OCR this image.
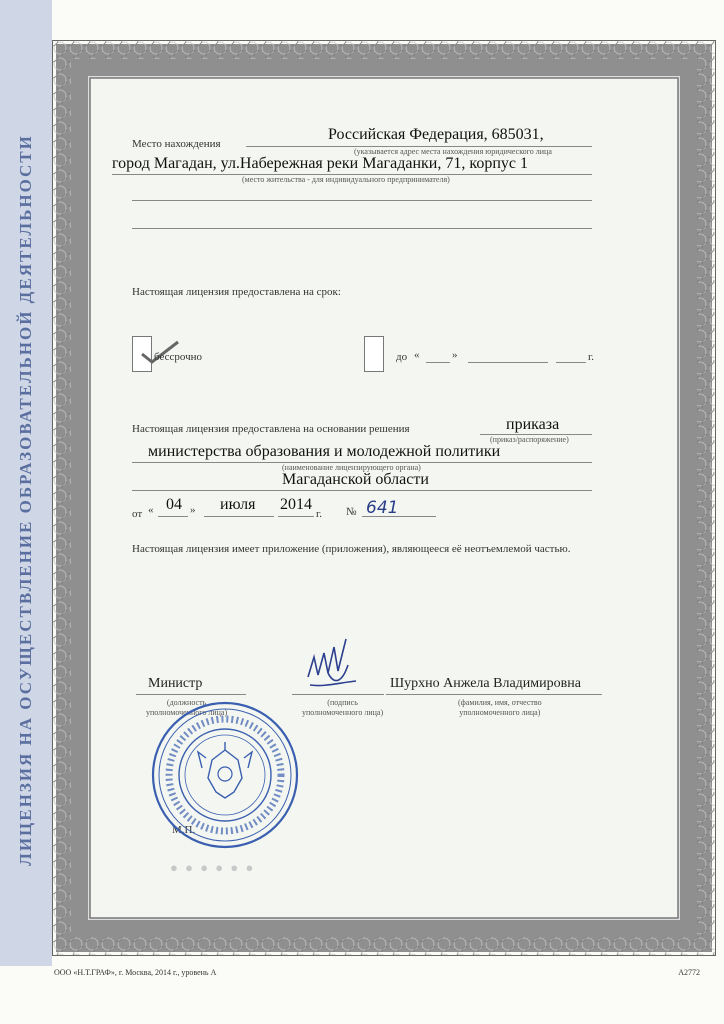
ЛИЦЕНЗИЯ НА ОСУЩЕСТВЛЕНИЕ ОБРАЗОВАТЕЛЬНОЙ ДЕЯТЕЛЬНОСТИ	Место нахождения
Российская Федерация, 685031,
(указывается адрес места нахождения юридического лица
город Магадан, ул.Набережная реки Магаданки, 71, корпус 1
(место жительства - для индивидуального предпринимателя)
Настоящая лицензия предоставлена на срок:
бессрочно	до «	»	г.
Настоящая лицензия предоставлена на основании решения	приказа
(приказ/распоряжение)
министерства образования и молодежной политики
(наименование лицензирующего органа)
Магаданской области
от « 04 » июля 2014
г. № 641
Настоящая лицензия имеет приложение (приложения), являющееся её неотъемлемой частью.
Министр
(должность
уполномоченного лица)
(подпись
уполномоченного лица)
Шурхно Анжела Владимировна
(фамилия, имя, отчество
уполномоченного лица)
М.П.
● ● ● ● ● ●
ООО «Н.Т.ГРАФ», г. Москва, 2014 г., уровень А	А2772
